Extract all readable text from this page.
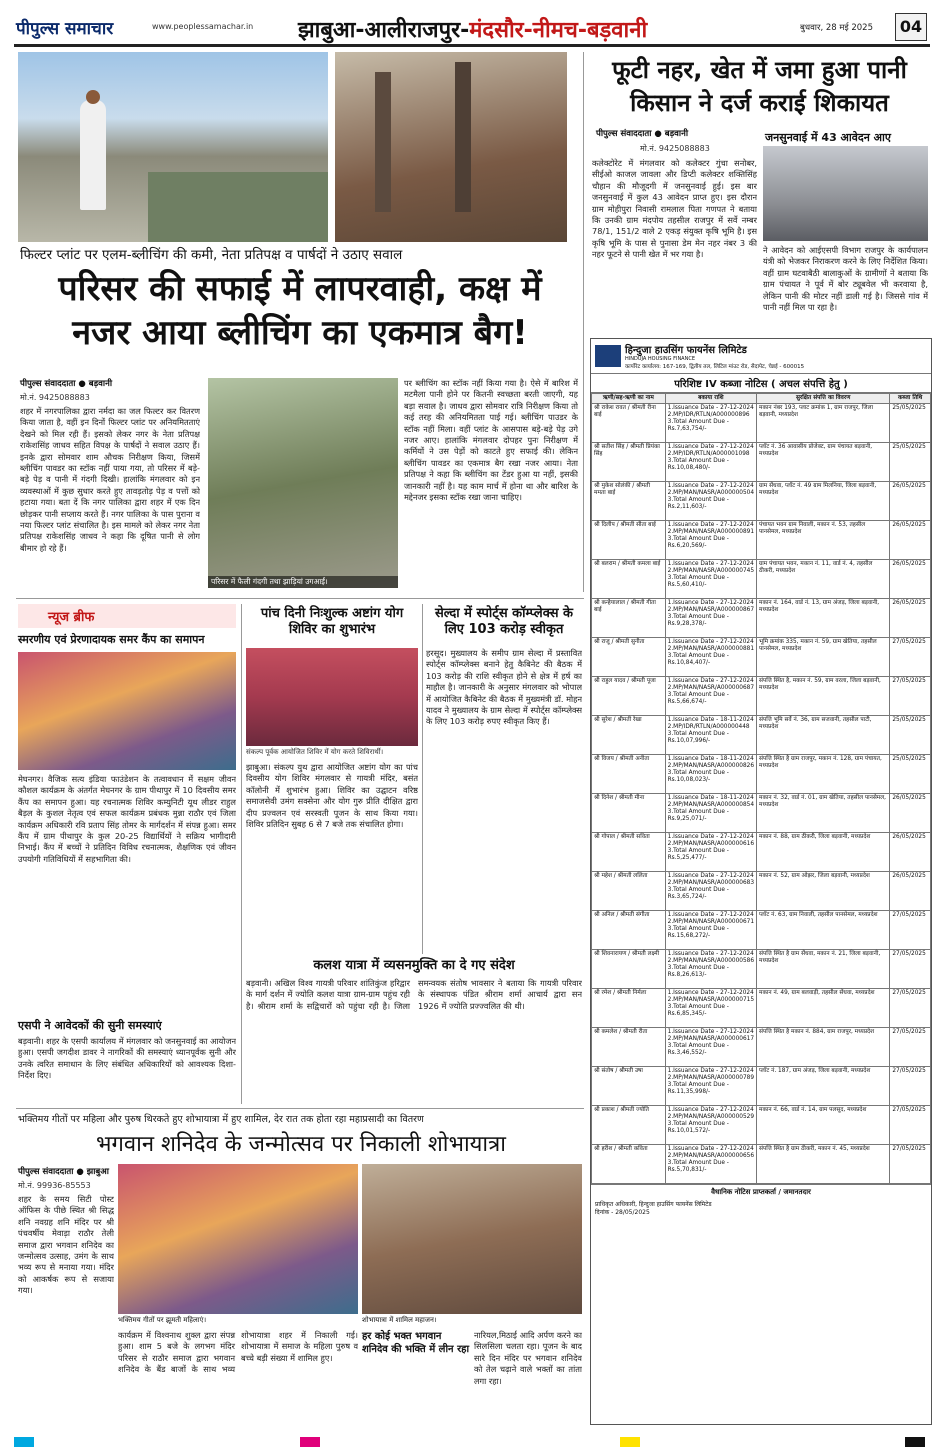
पीपुल्स समाचार	www.peoplessamachar.in झाबुआ-आलीराजपुर-मंदसौर-नीमच-बड़वानी	बुधवार, 28 मई 2025	04
फिल्टर प्लांट पर एलम-ब्लीचिंग की कमी, नेता प्रतिपक्ष व पार्षदों ने उठाए सवाल
परिसर की सफाई में लापरवाही, कक्ष में
नजर आया ब्लीचिंग का एकमात्र बैग!
पीपुल्स संवाददाता ● बड़वानी
मो.नं. 9425088883
शहर में नगरपालिका द्वारा नर्मदा का जल फिल्टर कर वितरण किया जाता है, वहीं इन दिनों फिल्टर प्लांट पर अनियमितताएं देखने को मिल रही हैं। इसको लेकर नगर के नेता प्रतिपक्ष राकेशसिंह जाधव सहित विपक्ष के पार्षदों ने सवाल उठाए हैं। इनके द्वारा सोमवार शाम औचक निरीक्षण किया, जिसमें ब्लीचिंग पावडर का स्टॉक नहीं पाया गया, तो परिसर में बड़े-बड़े पेड़ व पानी में गंदगी दिखी। हालांकि मंगलवार को इन व्यवस्थाओं में कुछ सुधार करते हुए तावड़तोड़ पेड़ व पत्तों को हटाया गया। बता दें कि नगर पालिका द्वारा शहर में एक दिन छोड़कर पानी सप्लाय करते हैं। नगर पालिका के पास पुराना व नया फिल्टर प्लांट संचालित है। इस मामले को लेकर नगर नेता प्रतिपक्ष राकेशसिंह जाधव ने कहा कि दूषित पानी से लोग बीमार हो रहे हैं।
परिसर में फैली गंदगी तथा झाड़ियां उगआईं।
पर ब्लीचिंग का स्टॉक नहीं किया गया है। ऐसे में बारिश में मटमैला पानी होने पर कितनी स्वच्छता बरती जाएगी, यह बड़ा सवाल है। जाधव द्वारा सोमवार रात्रि निरीक्षण किया तो कई तरह की अनियमितता पाई गई। ब्लीचिंग पाउडर के स्टॉक नहीं मिला। वहीं प्लांट के आसपास बड़े-बड़े पेड़ उगे नजर आए। हालांकि मंगलवार दोपहर पुनः निरीक्षण में कर्मियों ने उस पेड़ों को काटते हुए सफाई की। लेकिन ब्लीचिंग पावडर का एकमात्र बैग रखा नजर आया। नेता प्रतिपक्ष ने कहा कि ब्लीचिंग का टेंडर हुआ या नहीं, इसकी जानकारी नहीं है। यह काम मार्च में होना था और बारिश के मद्देनजर इसका स्टॉक रखा जाना चाहिए।
फूटी नहर, खेत में जमा हुआ पानी
किसान ने दर्ज कराई शिकायत
पीपुल्स संवाददाता ● बड़वानी
मो.नं. 9425088883
जनसुनवाई में 43 आवेदन आए
कलेक्टोरेट में मंगलवार को कलेक्टर गुंचा सनोबर, सीईओ काजल जावला और डिप्टी कलेक्टर शक्तिसिंह चौहान की मौजूदगी में जनसुनवाई हुई। इस बार जनसुनवाई में कुल 43 आवेदन प्राप्त हुए। इस दौरान ग्राम मोहीपुरा निवासी रामलाल पिता गणपत ने बताया कि उनकी ग्राम मंदपोय तहसील राजपुर में सर्वे नम्बर 78/1, 151/2 वाले 2 एकड़ संयुक्त कृषि भूमि है। इस कृषि भूमि के पास से पुनासा डेम मेन नहर नंबर 3 की नहर फूटने से पानी खेत में भर गया है।	ने आवेदन को आईएसपी विभाग राजपुर के कार्यपालन यंत्री को भेजकर निराकरण करने के लिए निर्देशित किया। वहीं ग्राम घटवाबैठी बालाकुओं के ग्रामीणों ने बताया कि ग्राम पंचायत ने पूर्व में बोर ट्यूबवेल भी करवाया है, लेकिन पानी की मोटर नहीं डाली गई है। जिससे गांव में पानी नहीं मिल पा रहा है।
हिन्दुजा हाउसिंग फायनेंस लिमिटेड
HINDUJA HOUSING FINANCE
कार्पोरेट कार्यालय: 167-169, द्वितीय तल, लिटिल मांउट रोड, सैदापेट, चेन्नई - 600015
परिशिष्ट IV कब्जा नोटिस ( अचल संपत्ति हेतु )
ऋणी/सह-ऋणी का नाम	बकाया राशि	सुरक्षित संपत्ति का विवरण	कब्जा तिथि
श्री राकेश रावत / श्रीमती रीना बाई	1.Issuance Date - 27-12-2024 2.MP/IDR/RTLN/A000000896 3.Total Amount Due - Rs.7,63,754/-	मकान नंबर 193, प्लाट क्रमांक 1, ग्राम राजपुर, जिला बड़वानी, मध्यप्रदेश	25/05/2025
श्री सतीश सिंह / श्रीमती प्रियंका सिंह	1.Issuance Date - 27-12-2024 2.MP/IDR/RTLN/A000001098 3.Total Amount Due - Rs.10,08,480/-	प्लॉट नं. 36 आवासीय प्रोजेक्ट, ग्राम पंचायत बड़वानी, मध्यप्रदेश	25/05/2025
श्री मुकेश सोलंकी / श्रीमती ममता बाई	1.Issuance Date - 27-12-2024 2.MP/MAN/NASR/A000000504 3.Total Amount Due - Rs.2,11,603/-	ग्राम सेंधवा, प्लॉट नं. 49 ग्राम मिलनिया, जिला बड़वानी, मध्यप्रदेश	26/05/2025
श्री दिलीप / श्रीमती सीता बाई	1.Issuance Date - 27-12-2024 2.MP/MAN/NASR/A000000891 3.Total Amount Due - Rs.6,20,569/-	पंचायत भवन ग्राम निवाली, मकान नं. 53, तहसील पानसेमल, मध्यप्रदेश	26/05/2025
श्री बलराम / श्रीमती कमला बाई	1.Issuance Date - 27-12-2024 2.MP/MAN/NASR/A000000745 3.Total Amount Due - Rs.5,60,410/-	ग्राम पंचायत भवन, मकान नं. 11, वार्ड नं. 4, तहसील ठीकरी, मध्यप्रदेश	26/05/2025
श्री कन्हैयालाल / श्रीमती गीता बाई	1.Issuance Date - 27-12-2024 2.MP/MAN/NASR/A000000867 3.Total Amount Due - Rs.9,28,378/-	मकान नं. 164, वार्ड नं. 13, ग्राम अंजड़, जिला बड़वानी, मध्यप्रदेश	26/05/2025
श्री राजू / श्रीमती सुनीता	1.Issuance Date - 27-12-2024 2.MP/MAN/NASR/A000000881 3.Total Amount Due - Rs.10,84,407/-	भूमि क्रमांक 335, मकान नं. 59, ग्राम खेतिया, तहसील पानसेमल, मध्यप्रदेश	27/05/2025
श्री राहुल यादव / श्रीमती पूजा	1.Issuance Date - 27-12-2024 2.MP/MAN/NASR/A000000687 3.Total Amount Due - Rs.5,66,674/-	संपत्ति स्थित है, मकान नं. 59, ग्राम वरला, जिला बड़वानी, मध्यप्रदेश	27/05/2025
श्री सुरेश / श्रीमती रेखा	1.Issuance Date - 18-11-2024 2.MP/IDR/RTLN/A000000448 3.Total Amount Due - Rs.10,07,996/-	संपत्ति भूमि सर्वे नं. 36, ग्राम सजवानी, तहसील पाटी, मध्यप्रदेश	25/05/2025
श्री विजय / श्रीमती अनीता	1.Issuance Date - 18-11-2024 2.MP/MAN/NASR/A000000826 3.Total Amount Due - Rs.10,08,023/-	संपत्ति स्थित है ग्राम राजपुर, मकान नं. 128, ग्राम पंचायत, मध्यप्रदेश	25/05/2025
श्री दिनेश / श्रीमती मीना	1.Issuance Date - 18-11-2024 2.MP/MAN/NASR/A000000854 3.Total Amount Due - Rs.9,25,071/-	मकान नं. 32, वार्ड नं. 01, ग्राम खेतिया, तहसील पानसेमल, मध्यप्रदेश	26/05/2025
श्री गोपाल / श्रीमती सविता	1.Issuance Date - 27-12-2024 2.MP/MAN/NASR/A000000616 3.Total Amount Due - Rs.5,25,477/-	मकान नं. 88, ग्राम ठीकरी, जिला बड़वानी, मध्यप्रदेश	26/05/2025
श्री महेश / श्रीमती ललिता	1.Issuance Date - 27-12-2024 2.MP/MAN/NASR/A000000683 3.Total Amount Due - Rs.3,65,724/-	मकान नं. 52, ग्राम ओझर, जिला बड़वानी, मध्यप्रदेश	26/05/2025
श्री अनिल / श्रीमती संगीता	1.Issuance Date - 27-12-2024 2.MP/MAN/NASR/A000000671 3.Total Amount Due - Rs.15,68,272/-	प्लॉट नं. 63, ग्राम निवाली, तहसील पानसेमल, मध्यप्रदेश	27/05/2025
श्री शिवनारायण / श्रीमती लक्ष्मी	1.Issuance Date - 27-12-2024 2.MP/MAN/NASR/A000000586 3.Total Amount Due - Rs.8,26,613/-	संपत्ति स्थित है ग्राम सेंधवा, मकान नं. 21, जिला बड़वानी, मध्यप्रदेश	27/05/2025
श्री रमेश / श्रीमती निर्मला	1.Issuance Date - 27-12-2024 2.MP/MAN/NASR/A000000715 3.Total Amount Due - Rs.6,85,345/-	मकान नं. 49, ग्राम बलवाड़ी, तहसील सेंधवा, मध्यप्रदेश	27/05/2025
श्री कमलेश / श्रीमती रीता	1.Issuance Date - 27-12-2024 2.MP/MAN/NASR/A000000617 3.Total Amount Due - Rs.3,46,552/-	संपत्ति स्थित है मकान नं. 884, ग्राम राजपुर, मध्यप्रदेश	27/05/2025
श्री संतोष / श्रीमती उषा	1.Issuance Date - 27-12-2024 2.MP/MAN/NASR/A000000789 3.Total Amount Due - Rs.11,35,998/-	प्लॉट नं. 187, ग्राम अंजड़, जिला बड़वानी, मध्यप्रदेश	27/05/2025
श्री प्रकाश / श्रीमती ज्योति	1.Issuance Date - 27-12-2024 2.MP/MAN/NASR/A000000529 3.Total Amount Due - Rs.10,01,572/-	मकान नं. 66, वार्ड नं. 14, ग्राम पलसूद, मध्यप्रदेश	27/05/2025
श्री हरीश / श्रीमती कविता	1.Issuance Date - 27-12-2024 2.MP/MAN/NASR/A000000656 3.Total Amount Due - Rs.5,70,831/-	संपत्ति स्थित है ग्राम ठीकरी, मकान नं. 45, मध्यप्रदेश	27/05/2025
वैधानिक नोटिस प्राप्तकर्ता / जमानतदार
प्राधिकृत अधिकारी, हिन्दुजा हाउसिंग फायनेंस लिमिटेड
दिनांक - 28/05/2025
न्यूज ब्रीफ
स्मरणीय एवं प्रेरणादायक समर कैंप का समापन
मेघनगर। वैजिक सत्य इंडिया फाउंडेशन के तत्वावधान में सक्षम जीवन कौशल कार्यक्रम के अंतर्गत मेघनगर के ग्राम पीथापुर में 10 दिवसीय समर कैंप का समापन हुआ। यह रचनात्मक शिविर कम्युनिटी यूथ लीडर राहुल बैड़ल के कुशल नेतृत्व एवं सफल कार्यक्रम प्रबंधक मुन्ना राठौर एवं जिला कार्यक्रम अधिकारी रवि प्रताप सिंह तोमर के मार्गदर्शन में संपन्न हुआ। समर कैंप में ग्राम पीथापुर के कुल 20-25 विद्यार्थियों ने सक्रिय भागीदारी निभाई। कैंप में बच्चों ने प्रतिदिन विविध रचनात्मक, शैक्षणिक एवं जीवन उपयोगी गतिविधियों में सहभागिता की।
एसपी ने आवेदकों की सुनी समस्याएं
बड़वानी। शहर के एसपी कार्यालय में मंगलवार को जनसुनवाई का आयोजन हुआ। एसपी जगदीश डावर ने नागरिकों की समस्याएं ध्यानपूर्वक सुनी और उनके त्वरित समाधान के लिए संबंधित अधिकारियों को आवश्यक दिशा-निर्देश दिए।
पांच दिनी निःशुल्क अष्टांग योग शिविर का शुभारंभ
संकल्प पूर्वक आयोजित शिविर में योग करते शिविरार्थी।
झाबुआ। संकल्प युथ द्वारा आयोजित अष्टांग योग का पांच दिवसीय योग शिविर मंगलवार से गायत्री मंदिर, बसंत कॉलोनी में शुभारंभ हुआ। शिविर का उद्घाटन वरिष्ठ समाजसेवी उमंग सक्सेना और योग गुरु प्रीति दीक्षित द्वारा दीप प्रज्वलन एवं सरस्वती पूजन के साथ किया गया। शिविर प्रतिदिन सुबह 6 से 7 बजे तक संचालित होगा।
सेल्दा में स्पोर्ट्स कॉम्प्लेक्स के लिए 103 करोड़ स्वीकृत
हरसूद। मुख्यालय के समीप ग्राम सेल्दा में प्रस्तावित स्पोर्ट्स कॉम्प्लेक्स बनाने हेतु कैबिनेट की बैठक में 103 करोड़ की राशि स्वीकृत होने से क्षेत्र में हर्ष का माहौल है। जानकारी के अनुसार मंगलवार को भोपाल में आयोजित कैबिनेट की बैठक में मुख्यमंत्री डॉ. मोहन यादव ने मुख्यालय के ग्राम सेल्दा में स्पोर्ट्स कॉम्प्लेक्स के लिए 103 करोड़ रुपए स्वीकृत किए हैं।
कलश यात्रा में व्यसनमुक्ति का दे गए संदेश
बड़वानी। अखिल विश्व गायत्री परिवार शांतिकुंज हरिद्वार के मार्ग दर्शन में ज्योति कलश यात्रा ग्राम-ग्राम पहुंच रही है। श्रीराम शर्मा के सद्विचारों को पहुंचा रही है। जिला समन्वयक संतोष भावसार ने बताया कि गायत्री परिवार के संस्थापक पंडित श्रीराम शर्मा आचार्य द्वारा सन 1926 में ज्योति प्रज्ज्वलित की थी।
भक्तिमय गीतों पर महिला और पुरुष थिरकते हुए शोभायात्रा में हुए शामिल, देर रात तक होता रहा महाप्रसादी का वितरण
भगवान शनिदेव के जन्मोत्सव पर निकाली शोभायात्रा
पीपुल्स संवाददाता ● झाबुआ
मो.नं. 99936-85553
शहर के समय सिटी पोस्ट ऑफिस के पीछे स्थित श्री सिद्ध शनि नवग्रह शनि मंदिर पर श्री पंचवर्षीय मेवाड़ा राठौर तेली समाज द्वारा भगवान शनिदेव का जन्मोत्सव उत्साह, उमंग के साथ भव्य रूप से मनाया गया। मंदिर को आकर्षक रूप से सजाया गया।
भक्तिमय गीतों पर झूमती महिलाएं।	शोभायात्रा में शामिल महाजन।
कार्यक्रम में विश्वनाथ शुक्ल द्वारा संपन्न हुआ। शाम 5 बजे के लगभग मंदिर परिसर से राठौर समाज द्वारा भगवान शनिदेव के बैंड बाजों के साथ भव्य शोभायात्रा शहर में निकाली गई। शोभायात्रा में समाज के महिला पुरुष व बच्चे बड़ी संख्या में शामिल हुए।
हर कोई भक्त भगवान शनिदेव की भक्ति में लीन रहा
नारियल,मिठाई आदि अर्पण करने का सिलसिला चलता रहा। पूजन के बाद सारे दिन मंदिर पर भगवान शनिदेव को तेल चढ़ाने वाले भक्तों का तांता लगा रहा।
